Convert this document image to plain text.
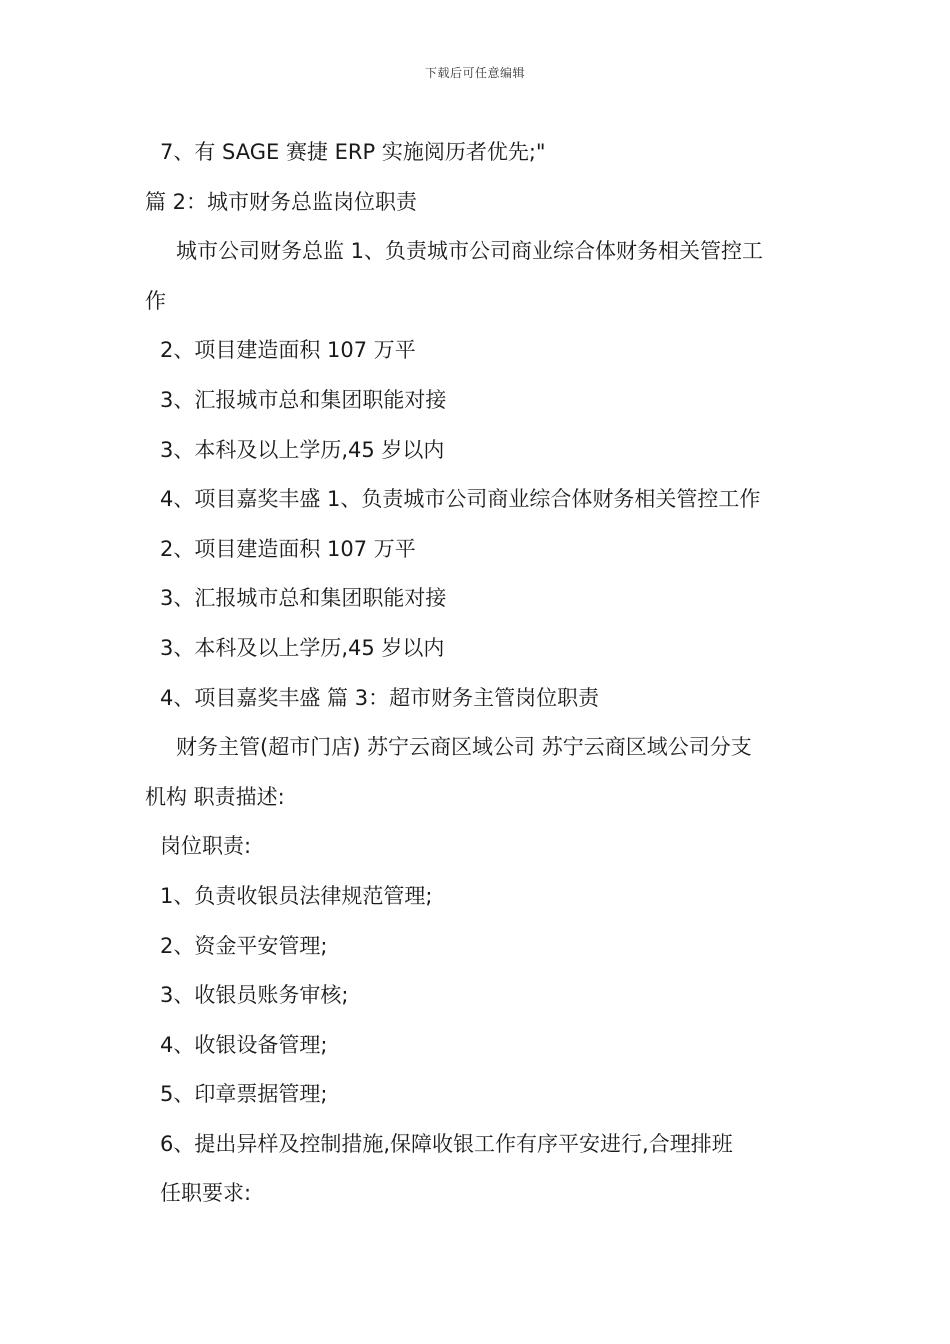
下载后可任意编辑

7、有 SAGE 赛捷 ERP 实施阅历者优先;"

篇 2：城市财务总监岗位职责

城市公司财务总监 1、负责城市公司商业综合体财务相关管控工

作

2、项目建造面积 107 万平

3、汇报城市总和集团职能对接

3、本科及以上学历,45 岁以内

4、项目嘉奖丰盛 1、负责城市公司商业综合体财务相关管控工作

2、项目建造面积 107 万平

3、汇报城市总和集团职能对接

3、本科及以上学历,45 岁以内

4、项目嘉奖丰盛 篇 3：超市财务主管岗位职责

财务主管(超市门店) 苏宁云商区域公司 苏宁云商区域公司分支

机构 职责描述:

岗位职责:

1、负责收银员法律规范管理;

2、资金平安管理;

3、收银员账务审核;

4、收银设备管理;

5、印章票据管理;

6、提出异样及控制措施,保障收银工作有序平安进行,合理排班

任职要求:
